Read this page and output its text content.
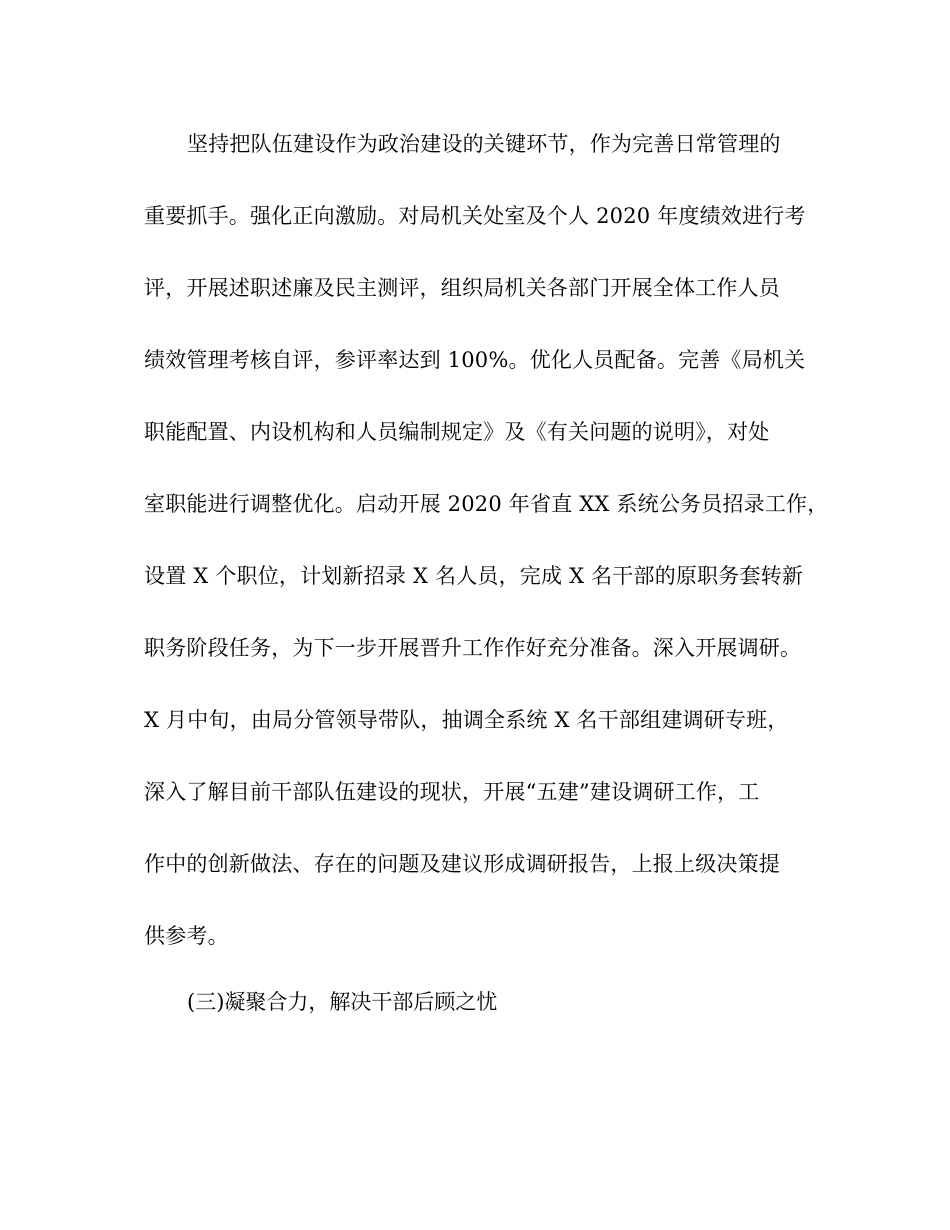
坚持把队伍建设作为政治建设的关键环节，作为完善日常管理的
重要抓手。强化正向激励。对局机关处室及个人 2020 年度绩效进行考
评，开展述职述廉及民主测评，组织局机关各部门开展全体工作人员
绩效管理考核自评，参评率达到 100%。优化人员配备。完善《局机关
职能配置、内设机构和人员编制规定》及《有关问题的说明》，对处
室职能进行调整优化。启动开展 2020 年省直 XX 系统公务员招录工作，
设置 X 个职位，计划新招录 X 名人员，完成 X 名干部的原职务套转新
职务阶段任务，为下一步开展晋升工作作好充分准备。深入开展调研。
X 月中旬，由局分管领导带队，抽调全系统 X 名干部组建调研专班，
深入了解目前干部队伍建设的现状，开展“五建”建设调研工作，工
作中的创新做法、存在的问题及建议形成调研报告，上报上级决策提
供参考。
(三)凝聚合力，解决干部后顾之忧
